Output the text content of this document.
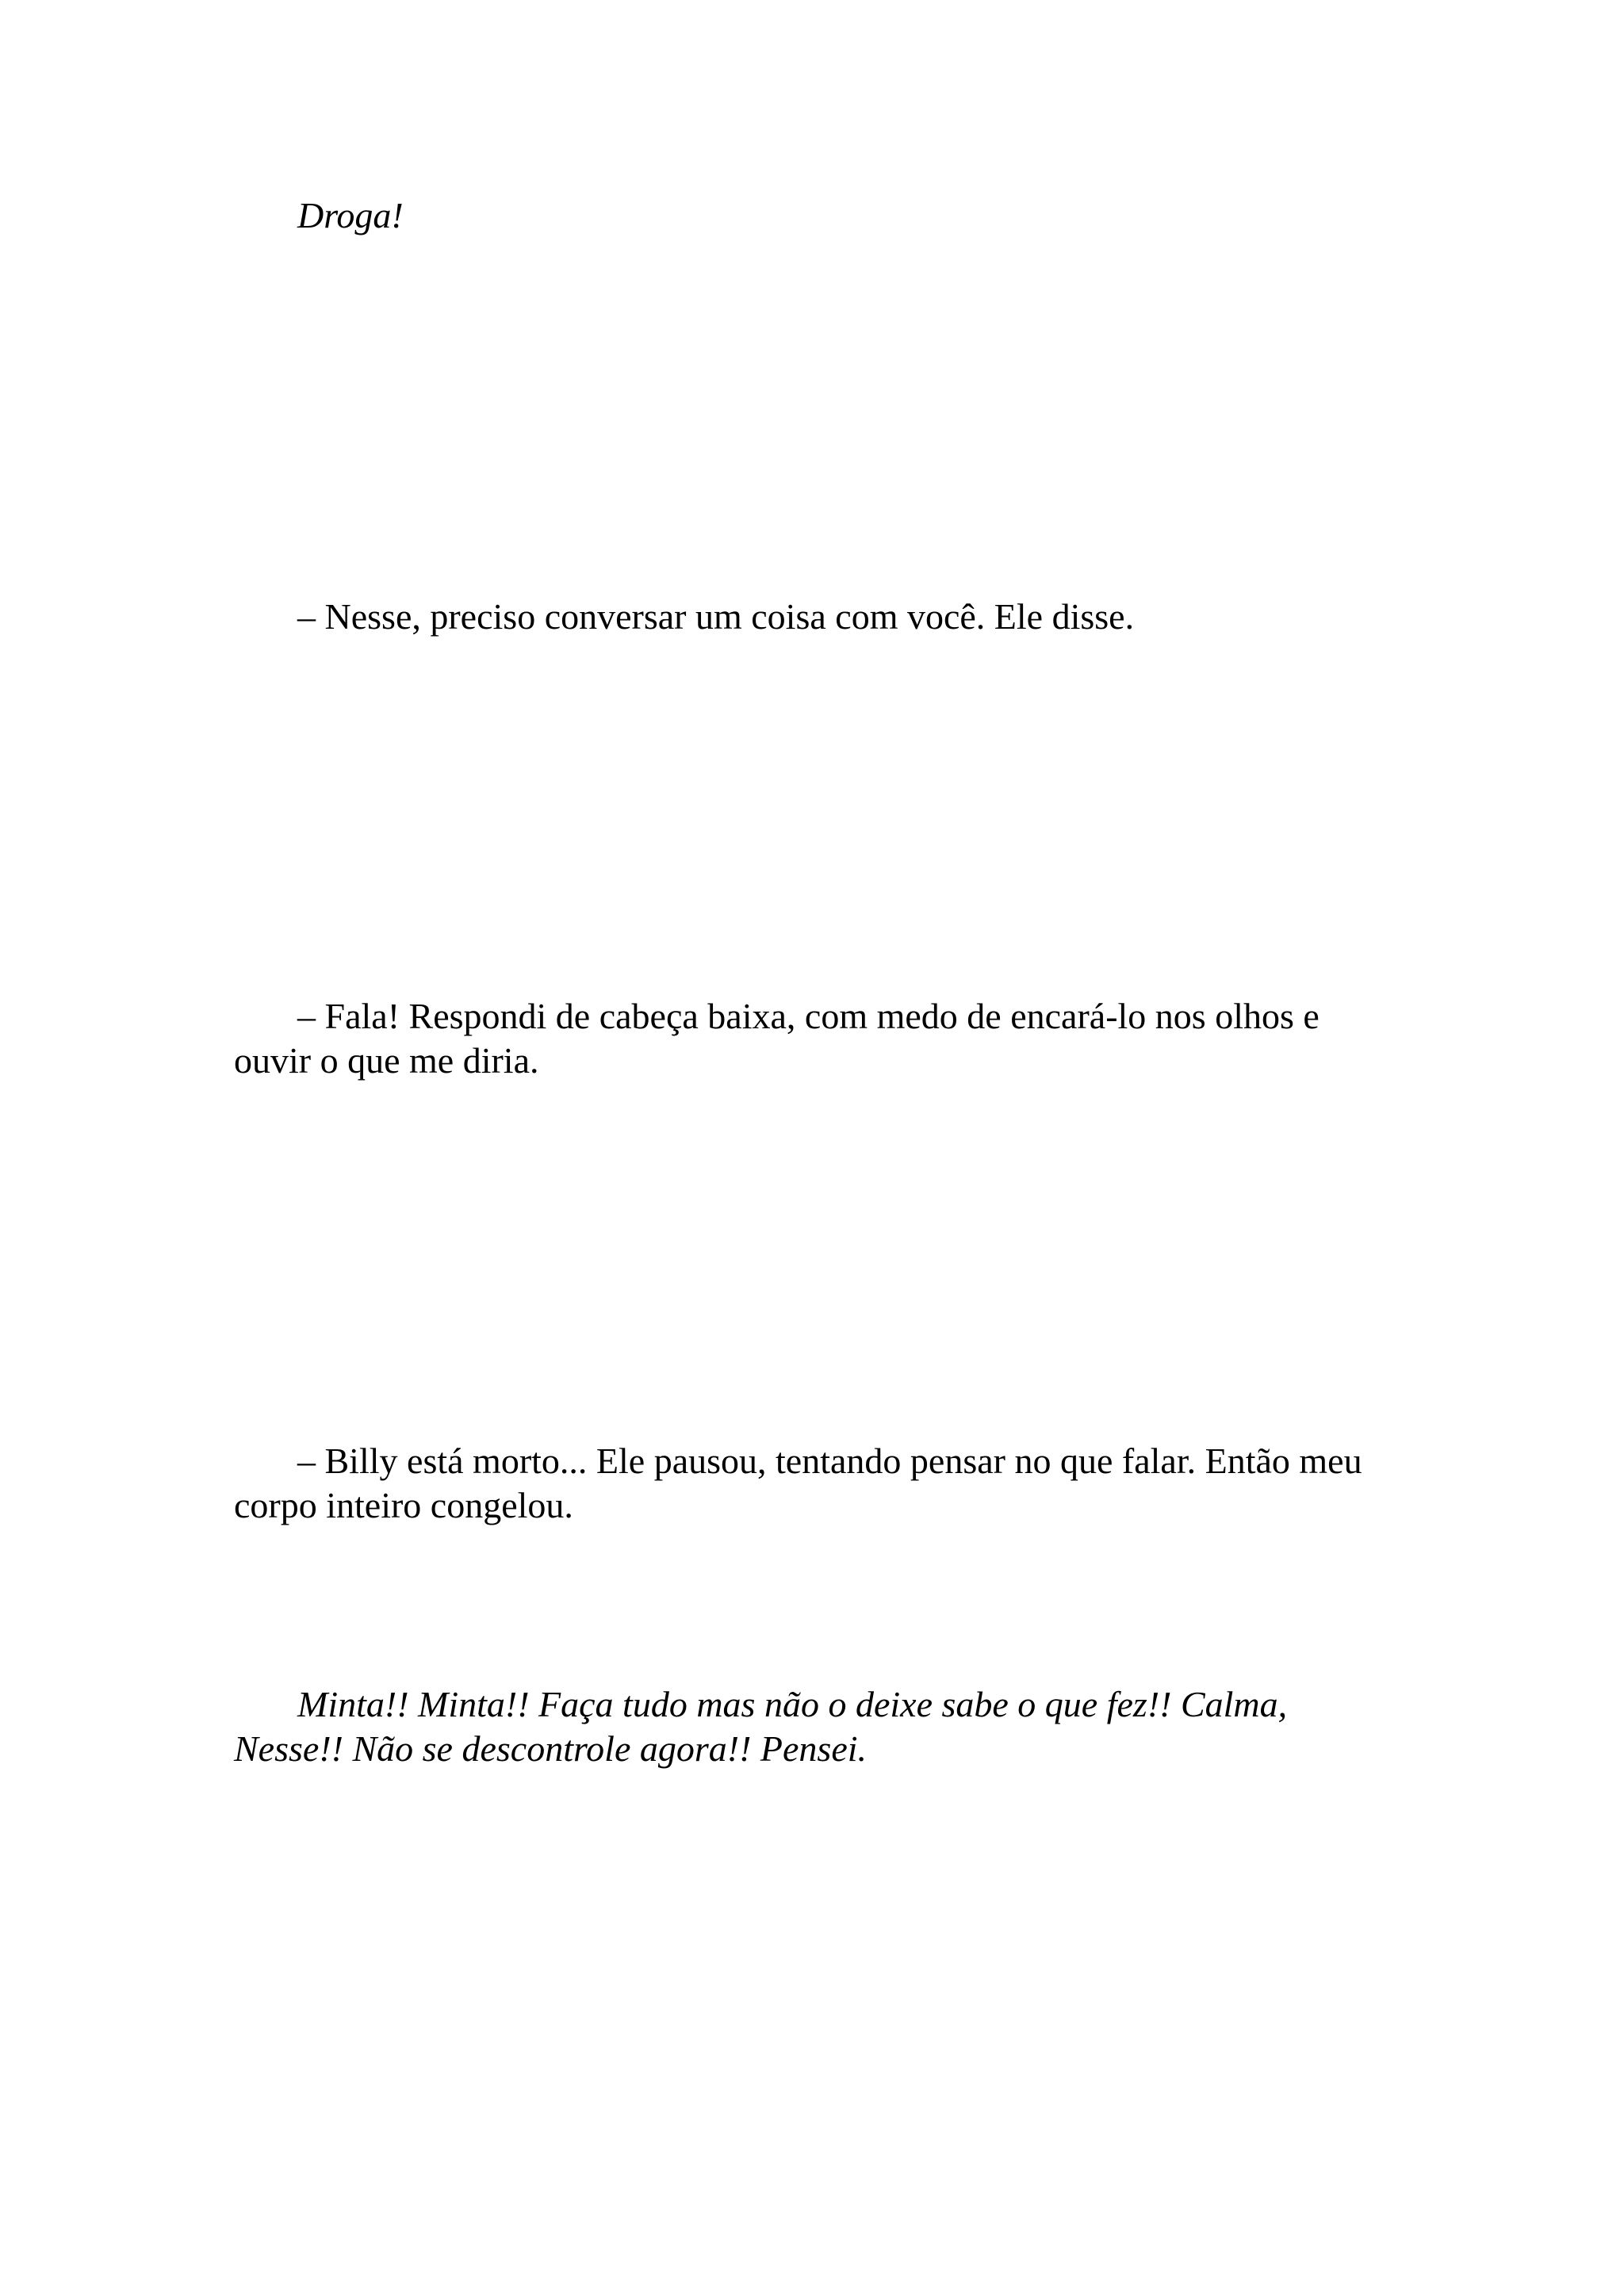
Droga!

– Nesse, preciso conversar um coisa com você. Ele disse.

– Fala! Respondi de cabeça baixa, com medo de encará-lo nos olhos e ouvir o que me diria.

– Billy está morto... Ele pausou, tentando pensar no que falar. Então meu corpo inteiro congelou.

Minta!! Minta!! Faça tudo mas não o deixe sabe o que fez!! Calma, Nesse!! Não se descontrole agora!! Pensei.
